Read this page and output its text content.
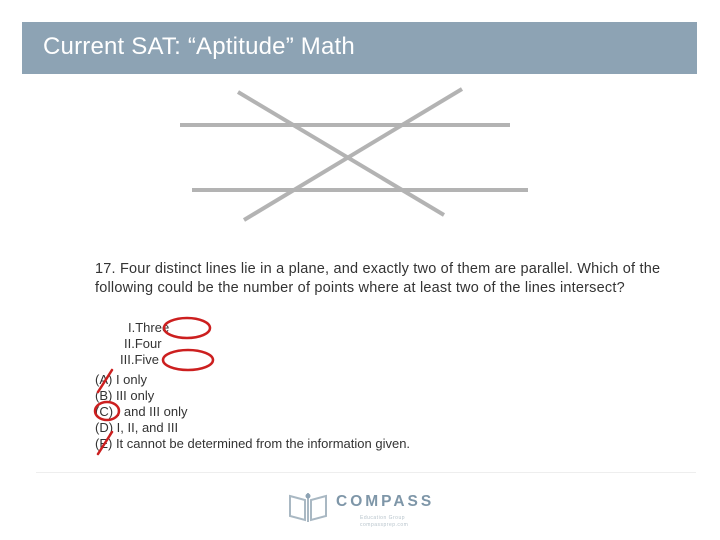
Current SAT: “Aptitude” Math
17. Four distinct lines lie in a plane, and exactly two of them are parallel. Which of the following could be the number of points where at least two of the lines intersect?
I.Three
II.Four
III.Five
(A) I only
(B) III only
(C) I and III only
(D) I, II, and III
(E) It cannot be determined from the information given.
COMPASS
Education Group
compassprep.com
